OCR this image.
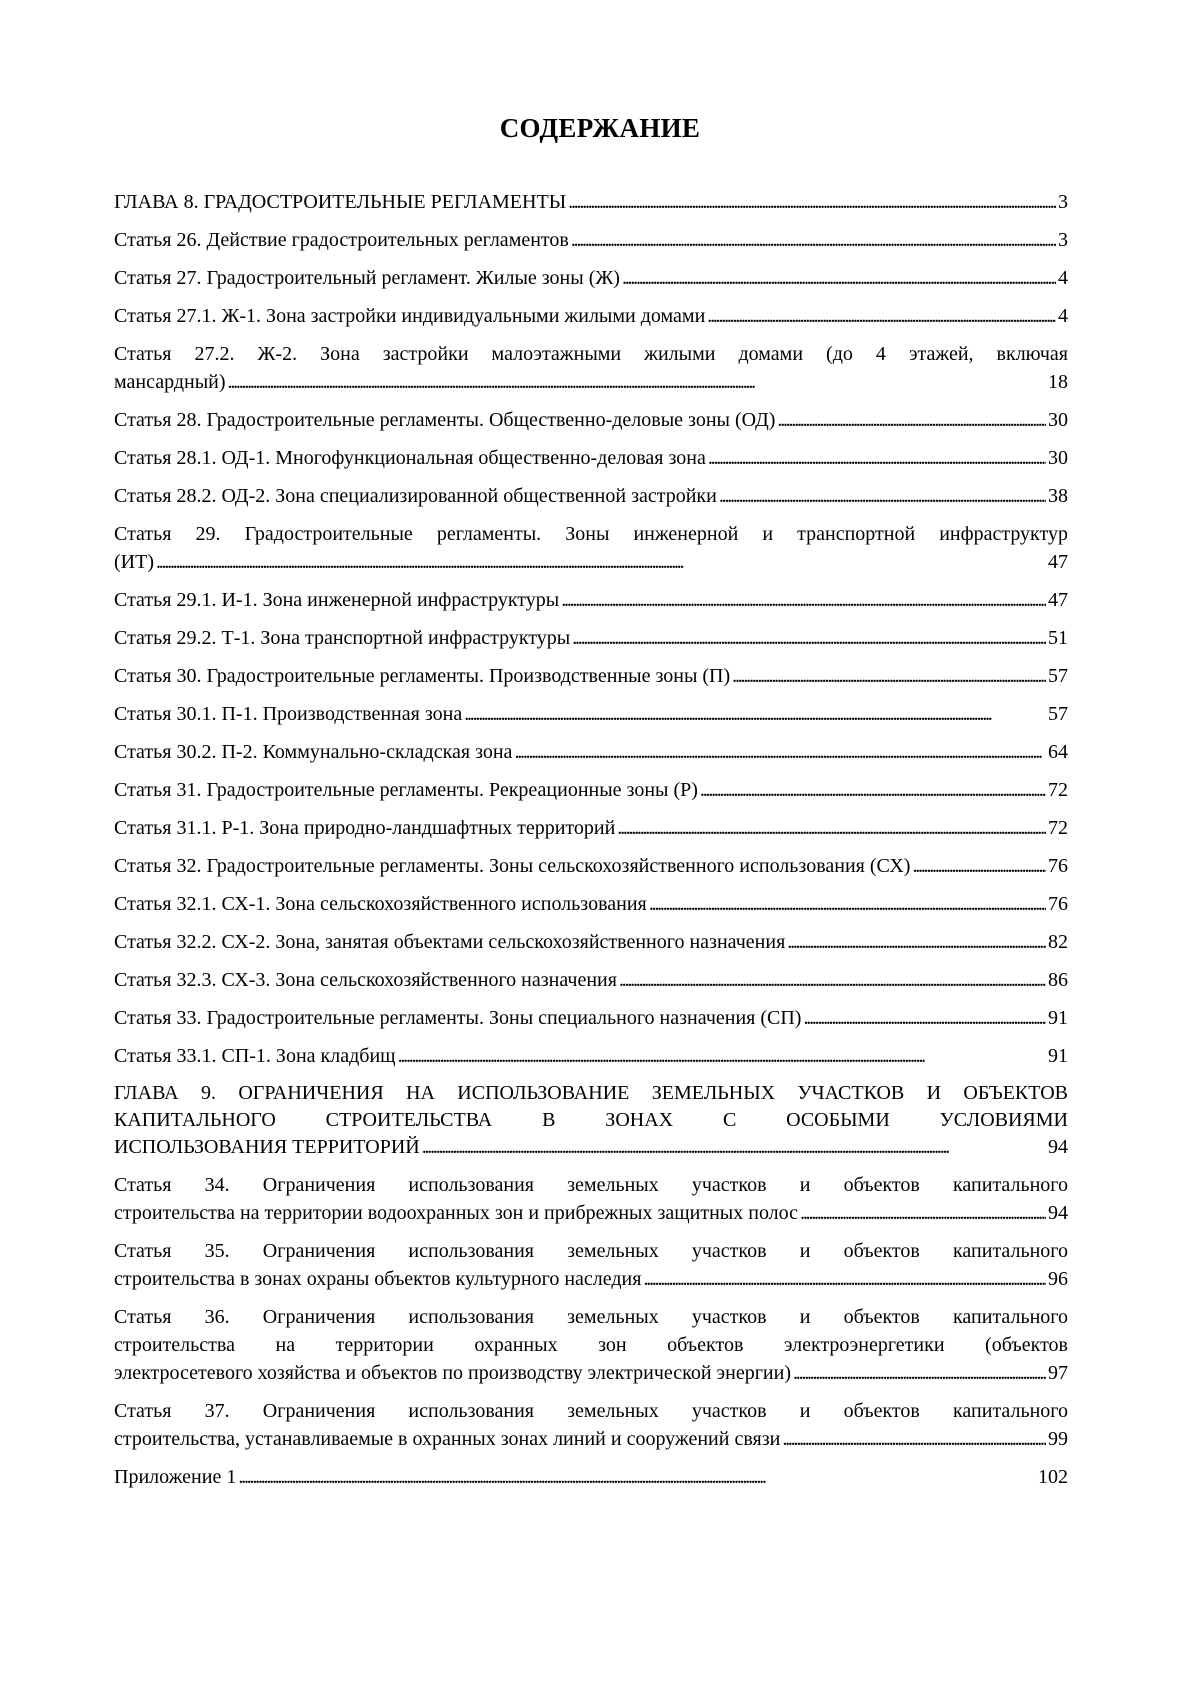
СОДЕРЖАНИЕ
ГЛАВА 8. ГРАДОСТРОИТЕЛЬНЫЕ РЕГЛАМЕНТЫ . . .	3
Статья 26. Действие градостроительных регламентов . . .	3
Статья 27. Градостроительный регламент. Жилые зоны (Ж) . . .	4
Статья 27.1. Ж-1. Зона застройки индивидуальными жилыми домами . . .	4
Статья 27.2. Ж-2. Зона застройки малоэтажными жилыми домами (до 4 этажей, включая
мансардный) . . .	18
Статья 28. Градостроительные регламенты. Общественно-деловые зоны (ОД) . . .	30
Статья 28.1. ОД-1. Многофункциональная общественно-деловая зона . . .	30
Статья 28.2. ОД-2. Зона специализированной общественной застройки . . .	38
Статья 29. Градостроительные регламенты. Зоны инженерной и транспортной инфраструктур
(ИТ) . . .	47
Статья 29.1. И-1. Зона инженерной инфраструктуры . . .	47
Статья 29.2. Т-1. Зона транспортной инфраструктуры . . .	51
Статья 30. Градостроительные регламенты. Производственные зоны (П) . . .	57
Статья 30.1. П-1. Производственная зона . . .	57
Статья 30.2. П-2. Коммунально-складская зона . . .	64
Статья 31. Градостроительные регламенты. Рекреационные зоны (Р) . . .	72
Статья 31.1. Р-1. Зона природно-ландшафтных территорий . . .	72
Статья 32. Градостроительные регламенты. Зоны сельскохозяйственного использования (СХ) . . .	76
Статья 32.1. СХ-1. Зона сельскохозяйственного использования . . .	76
Статья 32.2. СХ-2. Зона, занятая объектами сельскохозяйственного назначения . . .	82
Статья 32.3. СХ-3. Зона сельскохозяйственного назначения . . .	86
Статья 33. Градостроительные регламенты. Зоны специального назначения (СП) . . .	91
Статья 33.1. СП-1. Зона кладбищ . . .	91
ГЛАВА 9. ОГРАНИЧЕНИЯ НА ИСПОЛЬЗОВАНИЕ ЗЕМЕЛЬНЫХ УЧАСТКОВ И ОБЪЕКТОВ
КАПИТАЛЬНОГО СТРОИТЕЛЬСТВА В ЗОНАХ С ОСОБЫМИ УСЛОВИЯМИ
ИСПОЛЬЗОВАНИЯ ТЕРРИТОРИЙ . . .	94
Статья 34. Ограничения использования земельных участков и объектов капитального
строительства на территории водоохранных зон и прибрежных защитных полос . . .	94
Статья 35. Ограничения использования земельных участков и объектов капитального
строительства в зонах охраны объектов культурного наследия . . .	96
Статья 36. Ограничения использования земельных участков и объектов капитального
строительства на территории охранных зон объектов электроэнергетики (объектов
электросетевого хозяйства и объектов по производству электрической энергии) . . .	97
Статья 37. Ограничения использования земельных участков и объектов капитального
строительства, устанавливаемые в охранных зонах линий и сооружений связи . . .	99
Приложение 1 . . .	102
